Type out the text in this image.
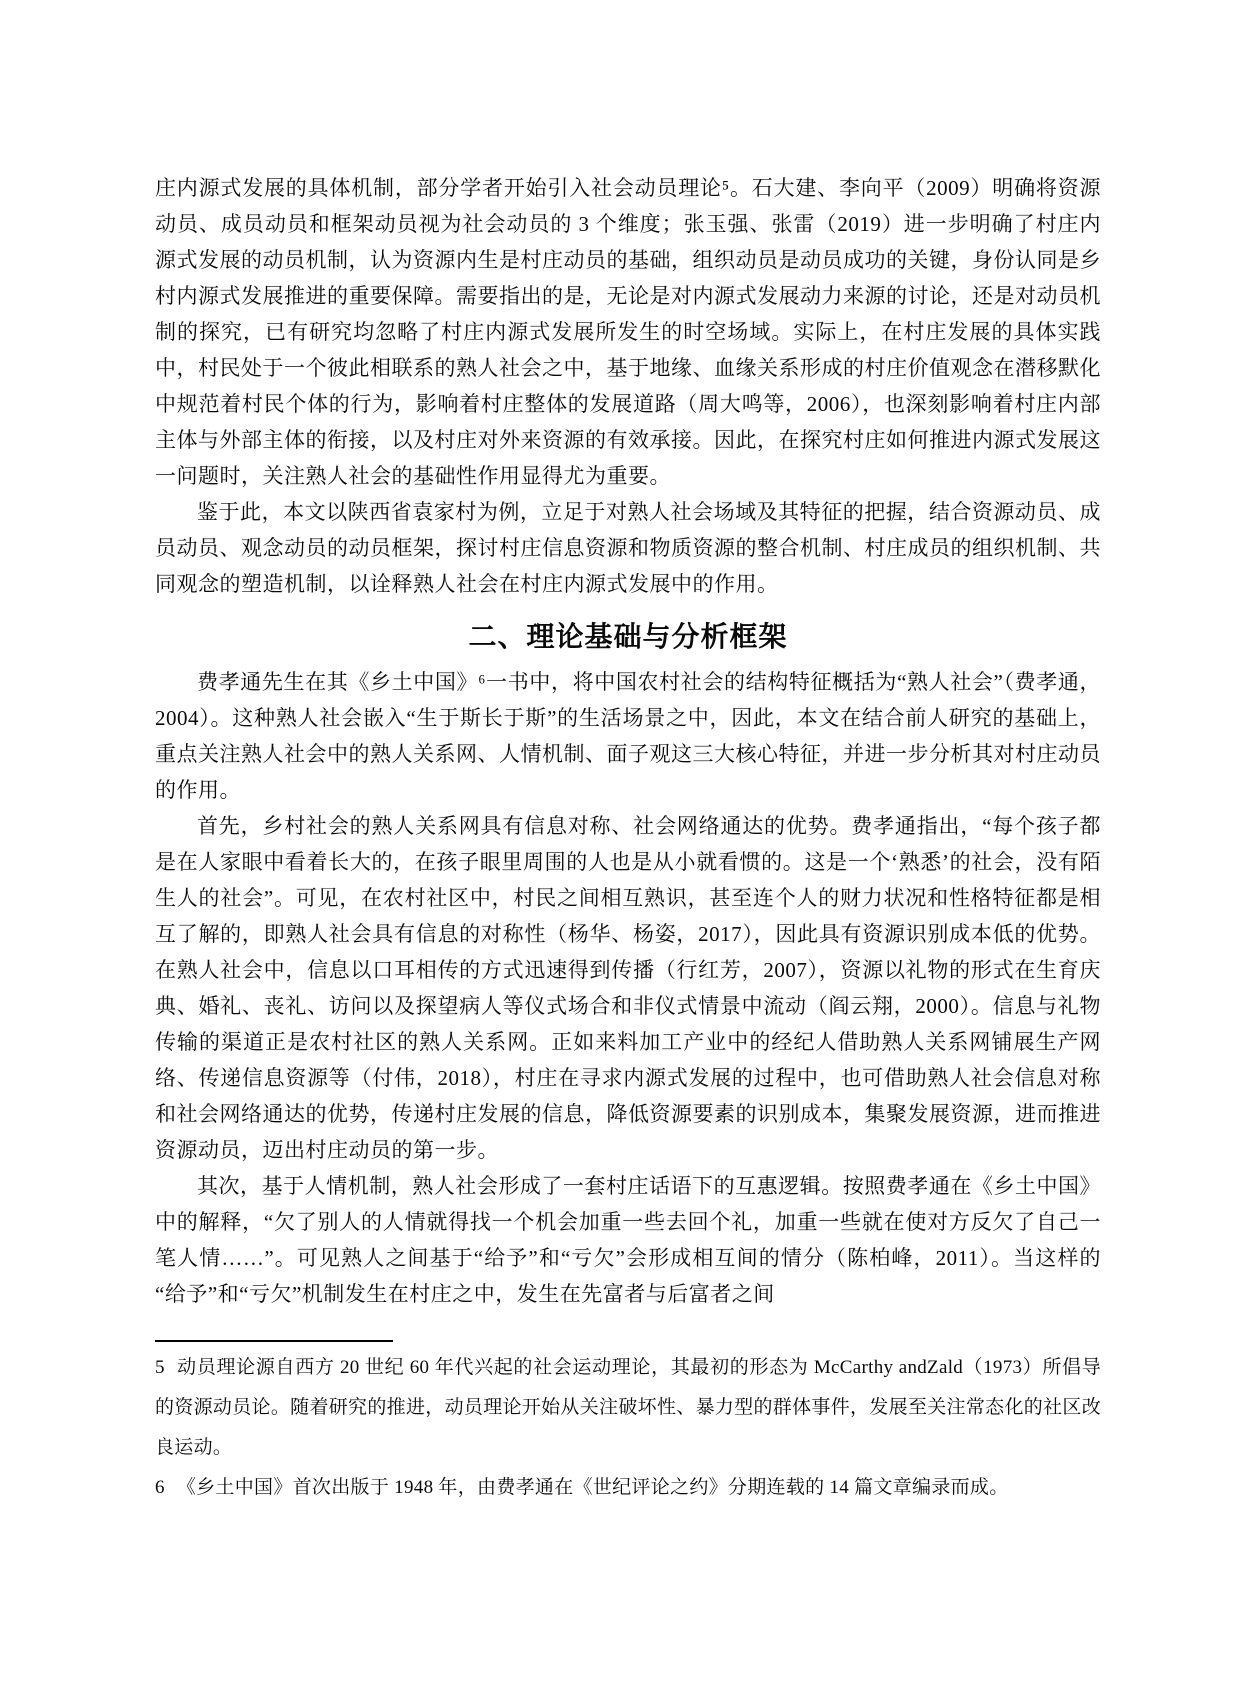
庄内源式发展的具体机制，部分学者开始引入社会动员理论⁵。石大建、李向平（2009）明确将资源动员、成员动员和框架动员视为社会动员的 3 个维度；张玉强、张雷（2019）进一步明确了村庄内源式发展的动员机制，认为资源内生是村庄动员的基础，组织动员是动员成功的关键，身份认同是乡村内源式发展推进的重要保障。需要指出的是，无论是对内源式发展动力来源的讨论，还是对动员机制的探究，已有研究均忽略了村庄内源式发展所发生的时空场域。实际上，在村庄发展的具体实践中，村民处于一个彼此相联系的熟人社会之中，基于地缘、血缘关系形成的村庄价值观念在潜移默化中规范着村民个体的行为，影响着村庄整体的发展道路（周大鸣等，2006），也深刻影响着村庄内部主体与外部主体的衔接，以及村庄对外来资源的有效承接。因此，在探究村庄如何推进内源式发展这一问题时，关注熟人社会的基础性作用显得尤为重要。

鉴于此，本文以陕西省袁家村为例，立足于对熟人社会场域及其特征的把握，结合资源动员、成员动员、观念动员的动员框架，探讨村庄信息资源和物质资源的整合机制、村庄成员的组织机制、共同观念的塑造机制，以诠释熟人社会在村庄内源式发展中的作用。

二、理论基础与分析框架

费孝通先生在其《乡土中国》⁶一书中，将中国农村社会的结构特征概括为“熟人社会”（费孝通， 2004）。这种熟人社会嵌入“生于斯长于斯”的生活场景之中，因此，本文在结合前人研究的基础上，重点关注熟人社会中的熟人关系网、人情机制、面子观这三大核心特征，并进一步分析其对村庄动员的作用。

首先，乡村社会的熟人关系网具有信息对称、社会网络通达的优势。费孝通指出，“每个孩子都是在人家眼中看着长大的，在孩子眼里周围的人也是从小就看惯的。这是一个‘熟悉’的社会，没有陌生人的社会”。可见，在农村社区中，村民之间相互熟识，甚至连个人的财力状况和性格特征都是相互了解的，即熟人社会具有信息的对称性（杨华、杨姿，2017），因此具有资源识别成本低的优势。在熟人社会中，信息以口耳相传的方式迅速得到传播（行红芳，2007），资源以礼物的形式在生育庆典、婚礼、丧礼、访问以及探望病人等仪式场合和非仪式情景中流动（阎云翔，2000）。信息与礼物传输的渠道正是农村社区的熟人关系网。正如来料加工产业中的经纪人借助熟人关系网铺展生产网络、传递信息资源等（付伟，2018），村庄在寻求内源式发展的过程中，也可借助熟人社会信息对称和社会网络通达的优势，传递村庄发展的信息，降低资源要素的识别成本，集聚发展资源，进而推进资源动员，迈出村庄动员的第一步。

其次，基于人情机制，熟人社会形成了一套村庄话语下的互惠逻辑。按照费孝通在《乡土中国》中的解释，“欠了别人的人情就得找一个机会加重一些去回个礼，加重一些就在使对方反欠了自己一笔人情……”。可见熟人之间基于“给予”和“亏欠”会形成相互间的情分（陈柏峰，2011）。当这样的 “给予”和“亏欠”机制发生在村庄之中，发生在先富者与后富者之间

5 动员理论源自西方 20 世纪 60 年代兴起的社会运动理论，其最初的形态为 McCarthy andZald（1973）所倡导的资源动员论。随着研究的推进，动员理论开始从关注破坏性、暴力型的群体事件，发展至关注常态化的社区改良运动。

6 《乡土中国》首次出版于 1948 年，由费孝通在《世纪评论之约》分期连载的 14 篇文章编录而成。
